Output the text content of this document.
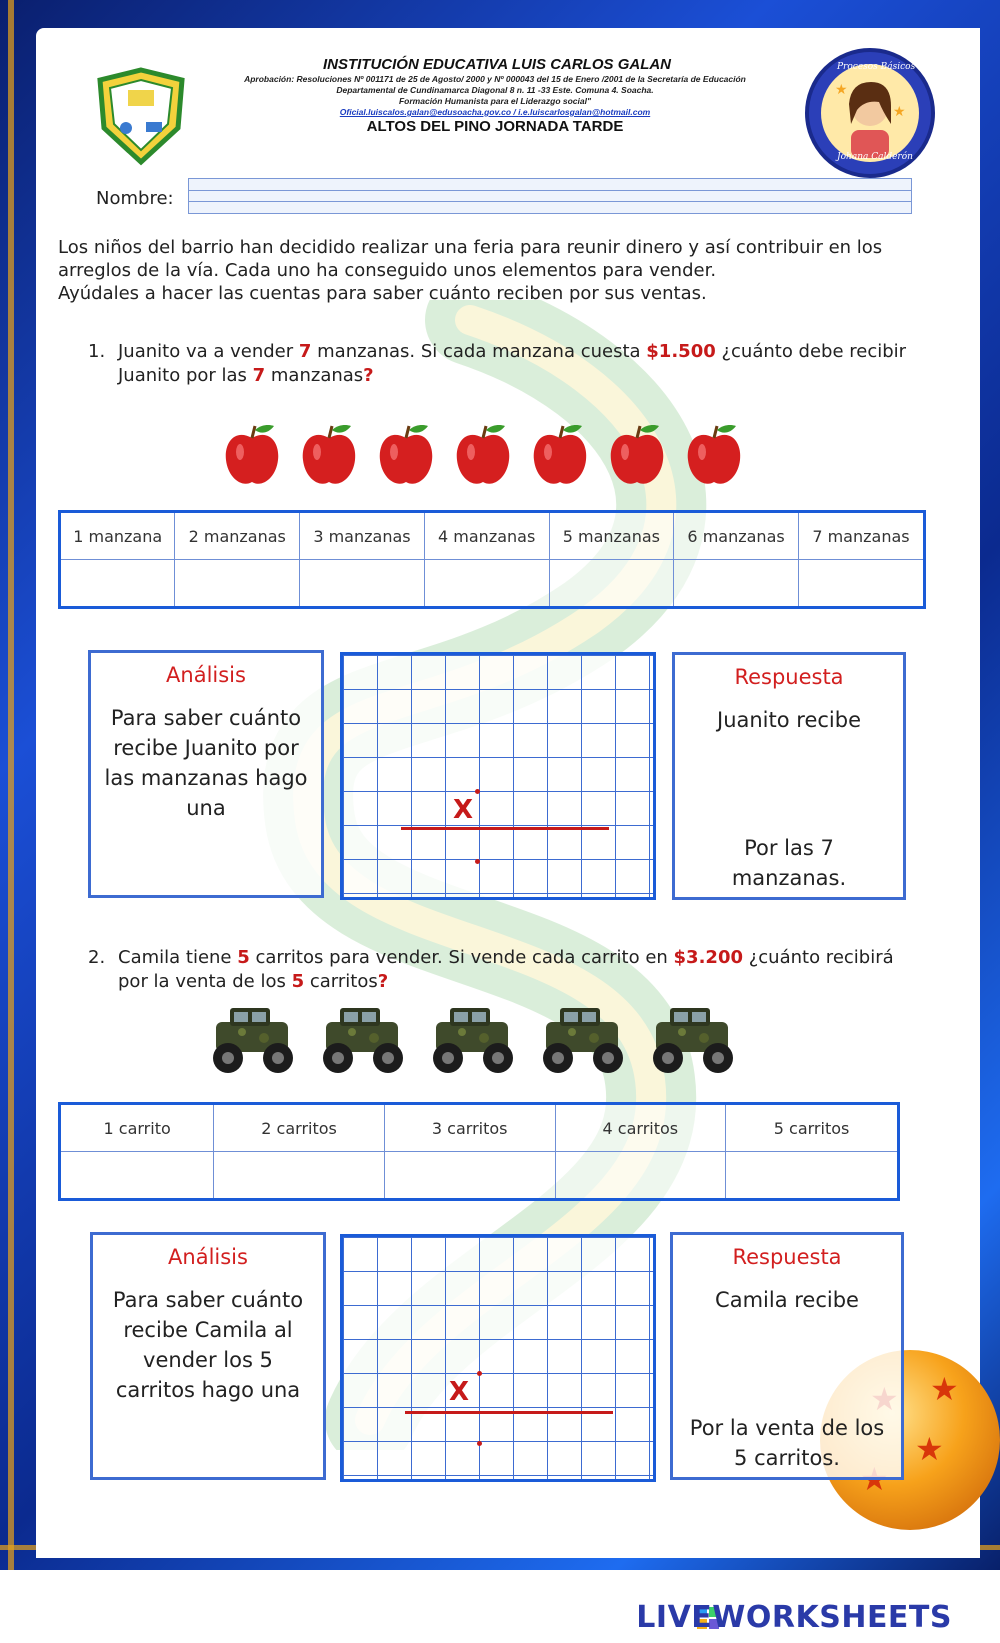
★
★
INSTITUCIÓN EDUCATIVA LUIS CARLOS GALAN
Aprobación: Resoluciones Nº 001171 de 25 de Agosto/ 2000 y Nº 000043 del 15 de Enero /2001 de la Secretaría de Educación
Departamental de Cundinamarca Diagonal 8 n. 11 -33 Este. Comuna 4. Soacha.
Formación Humanista para el Liderazgo social"
Oficial.luiscalos.galan@edusoacha.gov.co / i.e.luiscarlosgalan@hotmail.com
ALTOS DEL PINO JORNADA TARDE
★
★
Procesos Básicos
Johana Calderón
Nombre:
Los niños del barrio han decidido realizar una feria para reunir dinero y así contribuir en los
arreglos de la vía. Cada uno ha conseguido unos elementos para vender.
Ayúdales a hacer las cuentas para saber cuánto reciben por sus ventas.
1. Juanito va a vender 7 manzanas. Si cada manzana cuesta $1.500 ¿cuánto debe recibir
Juanito por las 7 manzanas?
1 manzana	2 manzanas	3 manzanas	4 manzanas	5 manzanas	6 manzanas	7 manzanas

Análisis
Para saber cuánto recibe Juanito por las manzanas hago una	X
Respuesta
Juanito recibe
Por las 7 manzanas.
2. Camila tiene 5 carritos para vender. Si vende cada carrito en $3.200 ¿cuánto recibirá
por la venta de los 5 carritos?
1 carrito	2 carritos	3 carritos	4 carritos	5 carritos

Análisis
Para saber cuánto recibe Camila al vender los 5 carritos hago una	X
Respuesta
Camila recibe
Por la venta de los 5 carritos.
LIVEWORKSHEETS
